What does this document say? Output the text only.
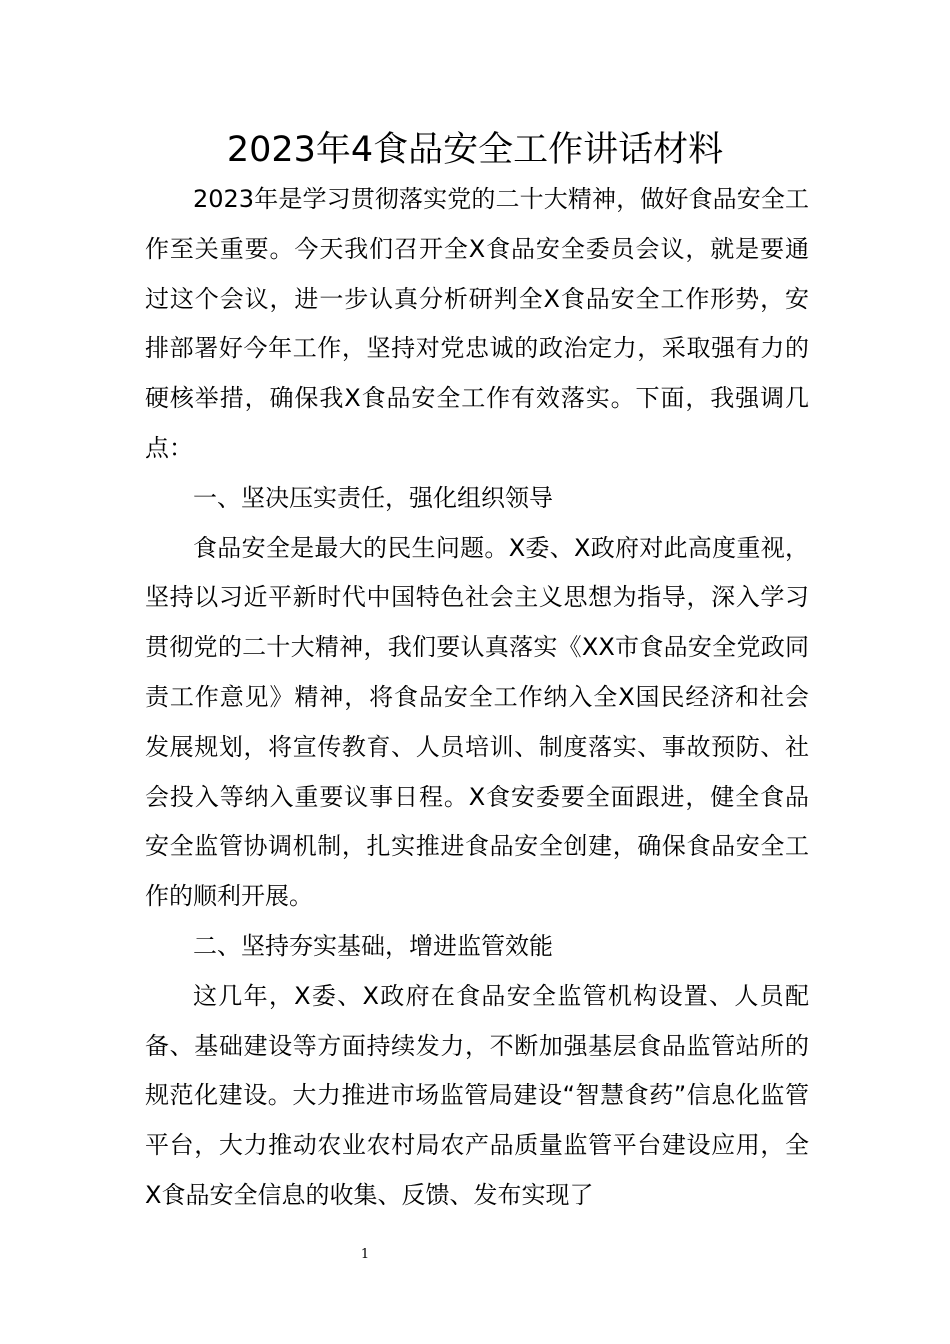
2023年4食品安全工作讲话材料

2023年是学习贯彻落实党的二十大精神，做好食品安全工作至关重要。今天我们召开全X食品安全委员会议，就是要通过这个会议，进一步认真分析研判全X食品安全工作形势，安排部署好今年工作，坚持对党忠诚的政治定力，采取强有力的硬核举措，确保我X食品安全工作有效落实。下面，我强调几点：

一、坚决压实责任，强化组织领导

食品安全是最大的民生问题。X委、X政府对此高度重视，坚持以习近平新时代中国特色社会主义思想为指导，深入学习贯彻党的二十大精神，我们要认真落实《XX市食品安全党政同责工作意见》精神，将食品安全工作纳入全X国民经济和社会发展规划，将宣传教育、人员培训、制度落实、事故预防、社会投入等纳入重要议事日程。X食安委要全面跟进，健全食品安全监管协调机制，扎实推进食品安全创建，确保食品安全工作的顺利开展。

二、坚持夯实基础，增进监管效能

这几年，X委、X政府在食品安全监管机构设置、人员配备、基础建设等方面持续发力，不断加强基层食品监管站所的规范化建设。大力推进市场监管局建设“智慧食药”信息化监管平台，大力推动农业农村局农产品质量监管平台建设应用，全X食品安全信息的收集、反馈、发布实现了

1
